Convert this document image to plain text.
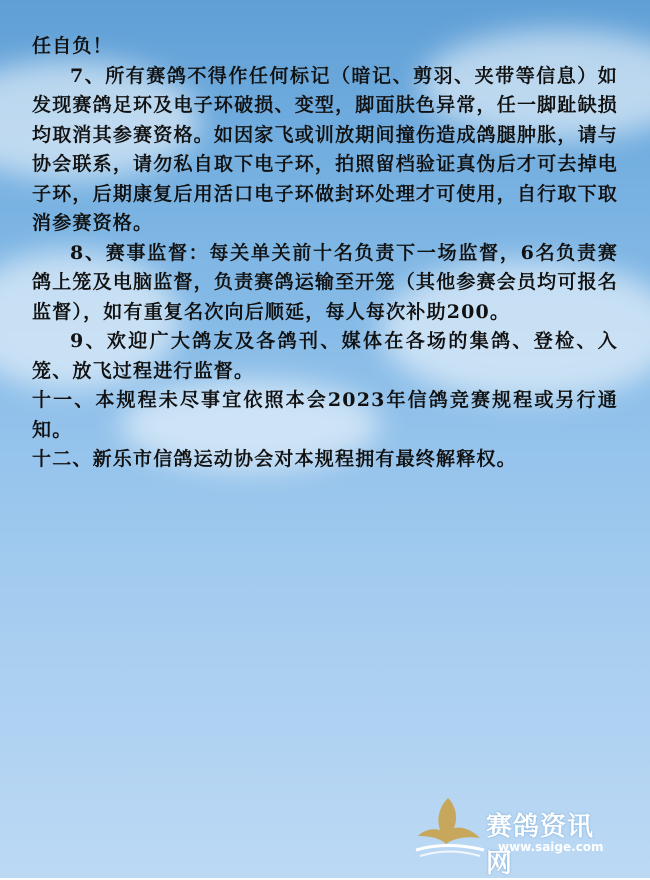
任自负！

7、所有赛鸽不得作任何标记（暗记、剪羽、夹带等信息）如发现赛鸽足环及电子环破损、变型，脚面肤色异常，任一脚趾缺损均取消其参赛资格。如因家飞或训放期间撞伤造成鸽腿肿胀，请与协会联系，请勿私自取下电子环，拍照留档验证真伪后才可去掉电子环，后期康复后用活口电子环做封环处理才可使用，自行取下取消参赛资格。

8、赛事监督：每关单关前十名负责下一场监督，6名负责赛鸽上笼及电脑监督，负责赛鸽运输至开笼（其他参赛会员均可报名监督），如有重复名次向后顺延，每人每次补助200。

9、欢迎广大鸽友及各鸽刊、媒体在各场的集鸽、登检、入笼、放飞过程进行监督。

十一、本规程未尽事宜依照本会2023年信鸽竞赛规程或另行通知。

十二、新乐市信鸽运动协会对本规程拥有最终解释权。

赛鸽资讯网
www.saige.com
